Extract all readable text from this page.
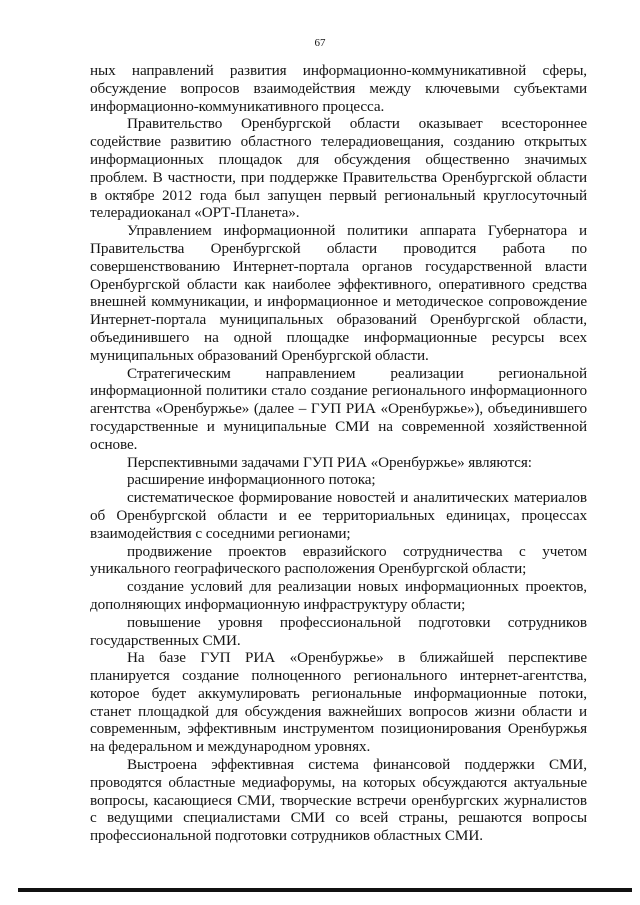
67

ных направлений развития информационно-коммуникативной сферы, обсуждение вопросов взаимодействия между ключевыми субъектами информационно-коммуникативного процесса.

Правительство Оренбургской области оказывает всестороннее содействие развитию областного телерадиовещания, созданию открытых информационных площадок для обсуждения общественно значимых проблем. В частности, при поддержке Правительства Оренбургской области в октябре 2012 года был запущен первый региональный круглосуточный телерадиоканал «ОРТ-Планета».

Управлением информационной политики аппарата Губернатора и Правительства Оренбургской области проводится работа по совершенствованию Интернет-портала органов государственной власти Оренбургской области как наиболее эффективного, оперативного средства внешней коммуникации, и информационное и методическое сопровождение Интернет-портала муниципальных образований Оренбургской области, объединившего на одной площадке информационные ресурсы всех муниципальных образований Оренбургской области.

Стратегическим направлением реализации региональной информационной политики стало создание регионального информационного агентства «Оренбуржье» (далее – ГУП РИА «Оренбуржье»), объединившего государственные и муниципальные СМИ на современной хозяйственной основе.

Перспективными задачами ГУП РИА «Оренбуржье» являются:

расширение информационного потока;

систематическое формирование новостей и аналитических материалов об Оренбургской области и ее территориальных единицах, процессах взаимодействия с соседними регионами;

продвижение проектов евразийского сотрудничества с учетом уникального географического расположения Оренбургской области;

создание условий для реализации новых информационных проектов, дополняющих информационную инфраструктуру области;

повышение уровня профессиональной подготовки сотрудников государственных СМИ.

На базе ГУП РИА «Оренбуржье» в ближайшей перспективе планируется создание полноценного регионального интернет-агентства, которое будет аккумулировать региональные информационные потоки, станет площадкой для обсуждения важнейших вопросов жизни области и современным, эффективным инструментом позиционирования Оренбуржья на федеральном и международном уровнях.

Выстроена эффективная система финансовой поддержки СМИ, проводятся областные медиафорумы, на которых обсуждаются актуальные вопросы, касающиеся СМИ, творческие встречи оренбургских журналистов с ведущими специалистами СМИ со всей страны, решаются вопросы профессиональной подготовки сотрудников областных СМИ.
